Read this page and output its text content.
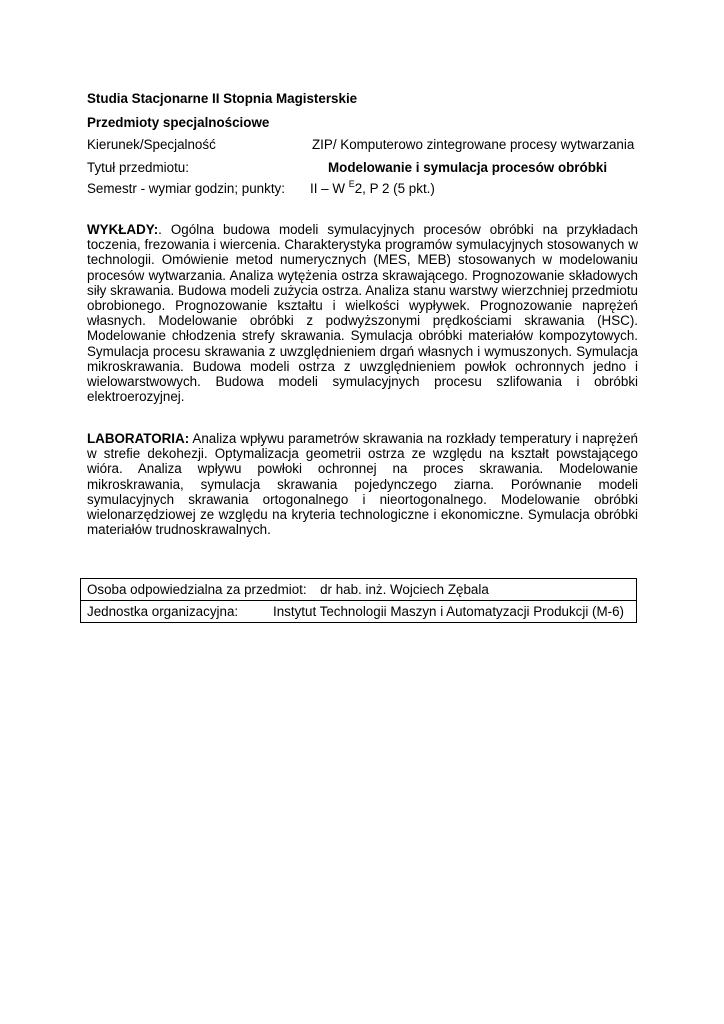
Studia Stacjonarne II Stopnia Magisterskie
Przedmioty specjalnościowe
Kierunek/Specjalność	ZIP/ Komputerowo zintegrowane procesy wytwarzania
Tytuł przedmiotu:	Modelowanie i symulacja procesów obróbki
Semestr - wymiar godzin; punkty: II – W $^E$2, P 2 (5 pkt.)
WYKŁADY:. Ogólna budowa modeli symulacyjnych procesów obróbki na przykładach toczenia, frezowania i wiercenia. Charakterystyka programów symulacyjnych stosowanych w technologii. Omówienie metod numerycznych (MES, MEB) stosowanych w modelowaniu procesów wytwarzania. Analiza wytężenia ostrza skrawającego. Prognozowanie składowych siły skrawania. Budowa modeli zużycia ostrza. Analiza stanu warstwy wierzchniej przedmiotu obrobionego. Prognozowanie kształtu i wielkości wypływek. Prognozowanie naprężeń własnych. Modelowanie obróbki z podwyższonymi prędkościami skrawania (HSC). Modelowanie chłodzenia strefy skrawania. Symulacja obróbki materiałów kompozytowych. Symulacja procesu skrawania z uwzględnieniem drgań własnych i wymuszonych. Symulacja mikroskrawania. Budowa modeli ostrza z uwzględnieniem powłok ochronnych jedno i wielowarstwowych. Budowa modeli symulacyjnych procesu szlifowania i obróbki elektroerozyjnej.
LABORATORIA: Analiza wpływu parametrów skrawania na rozkłady temperatury i naprężeń w strefie dekohezji. Optymalizacja geometrii ostrza ze względu na kształt powstającego wióra. Analiza wpływu powłoki ochronnej na proces skrawania. Modelowanie mikroskrawania, symulacja skrawania pojedynczego ziarna. Porównanie modeli symulacyjnych skrawania ortogonalnego i nieortogonalnego. Modelowanie obróbki wielonarzędziowej ze względu na kryteria technologiczne i ekonomiczne. Symulacja obróbki materiałów trudnoskrawalnych.
Osoba odpowiedzialna za przedmiot: dr hab. inż. Wojciech Zębala
Jednostka organizacyjna:	Instytut Technologii Maszyn i Automatyzacji Produkcji (M-6)
